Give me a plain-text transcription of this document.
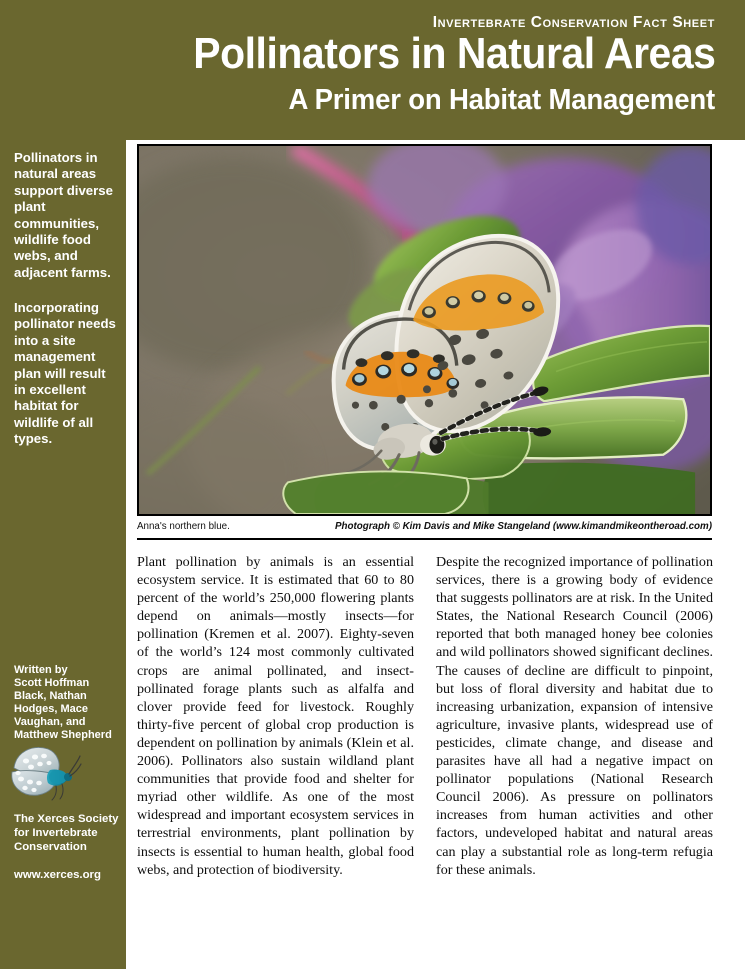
Invertebrate Conservation Fact Sheet
Pollinators in Natural Areas
A Primer on Habitat Management
Pollinators in natural areas support diverse plant communities, wildlife food webs, and adjacent farms.
Incorporating pollinator needs into a site management plan will result in excellent habitat for wildlife of all types.
Written by
Scott Hoffman Black, Nathan Hodges, Mace Vaughan, and Matthew Shepherd
The Xerces Society for Invertebrate Conservation
www.xerces.org
Anna's northern blue.	Photograph © Kim Davis and Mike Stangeland (www.kimandmikeontheroad.com)

Plant pollination by animals is an essential ecosystem service. It is estimated that 60 to 80 percent of the world’s 250,000 flowering plants depend on animals—mostly insects—for pollination (Kremen et al. 2007). Eighty-seven of the world’s 124 most commonly cultivated crops are animal pollinated, and insect-pollinated forage plants such as alfalfa and clover provide feed for livestock. Roughly thirty-five percent of global crop production is dependent on pollination by animals (Klein et al. 2006). Pollinators also sustain wildland plant communities that provide food and shelter for myriad other wildlife. As one of the most widespread and important ecosystem services in terrestrial environments, plant pollination by insects is essential to human health, global food webs, and protection of biodiversity.

Despite the recognized importance of pollination services, there is a growing body of evidence that suggests pollinators are at risk. In the United States, the National Research Council (2006) reported that both managed honey bee colonies and wild pollinators showed significant declines. The causes of decline are difficult to pinpoint, but loss of floral diversity and habitat due to increasing urbanization, expansion of intensive agriculture, invasive plants, widespread use of pesticides, climate change, and disease and parasites have all had a negative impact on pollinator populations (National Research Council 2006). As pressure on pollinators increases from human activities and other factors, undeveloped habitat and natural areas can play a substantial role as long-term refugia for these animals.
